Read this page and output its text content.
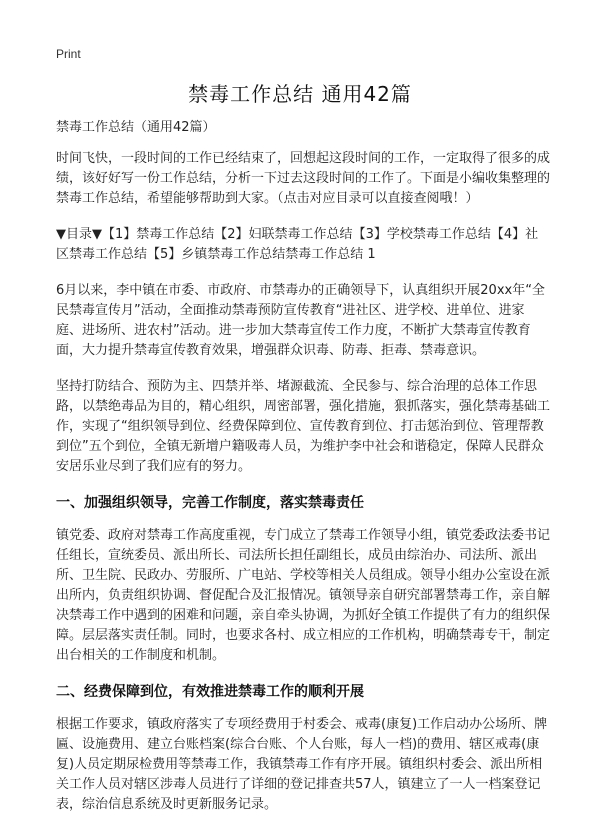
Print
禁毒工作总结 通用42篇

禁毒工作总结（通用42篇）

时间飞快，一段时间的工作已经结束了，回想起这段时间的工作，一定取得了很多的成绩，该好好写一份工作总结，分析一下过去这段时间的工作了。下面是小编收集整理的禁毒工作总结，希望能够帮助到大家。（点击对应目录可以直接查阅哦！）

▼目录▼【1】禁毒工作总结【2】妇联禁毒工作总结【3】学校禁毒工作总结【4】社区禁毒工作总结【5】乡镇禁毒工作总结禁毒工作总结 1

6月以来，李中镇在市委、市政府、市禁毒办的正确领导下，认真组织开展20xx年“全民禁毒宣传月”活动，全面推动禁毒预防宣传教育“进社区、进学校、进单位、进家庭、进场所、进农村”活动。进一步加大禁毒宣传工作力度，不断扩大禁毒宣传教育面，大力提升禁毒宣传教育效果，增强群众识毒、防毒、拒毒、禁毒意识。

坚持打防结合、预防为主、四禁并举、堵源截流、全民参与、综合治理的总体工作思路，以禁绝毒品为目的，精心组织，周密部署，强化措施，狠抓落实，强化禁毒基础工作，实现了“组织领导到位、经费保障到位、宣传教育到位、打击惩治到位、管理帮教到位”五个到位，全镇无新增户籍吸毒人员，为维护李中社会和谐稳定，保障人民群众安居乐业尽到了我们应有的努力。

一、加强组织领导，完善工作制度，落实禁毒责任

镇党委、政府对禁毒工作高度重视，专门成立了禁毒工作领导小组，镇党委政法委书记任组长，宣统委员、派出所长、司法所长担任副组长，成员由综治办、司法所、派出所、卫生院、民政办、劳服所、广电站、学校等相关人员组成。领导小组办公室设在派出所内，负责组织协调、督促配合及汇报情况。镇领导亲自研究部署禁毒工作，亲自解决禁毒工作中遇到的困难和问题，亲自牵头协调，为抓好全镇工作提供了有力的组织保障。层层落实责任制。同时，也要求各村、成立相应的工作机构，明确禁毒专干，制定出台相关的工作制度和机制。

二、经费保障到位，有效推进禁毒工作的顺利开展

根据工作要求，镇政府落实了专项经费用于村委会、戒毒(康复)工作启动办公场所、牌匾、设施费用、建立台账档案(综合台账、个人台账，每人一档)的费用、辖区戒毒(康复)人员定期尿检费用等禁毒工作，我镇禁毒工作有序开展。镇组织村委会、派出所相关工作人员对辖区涉毒人员进行了详细的登记排查共57人，镇建立了一人一档案登记表，综治信息系统及时更新服务记录。
